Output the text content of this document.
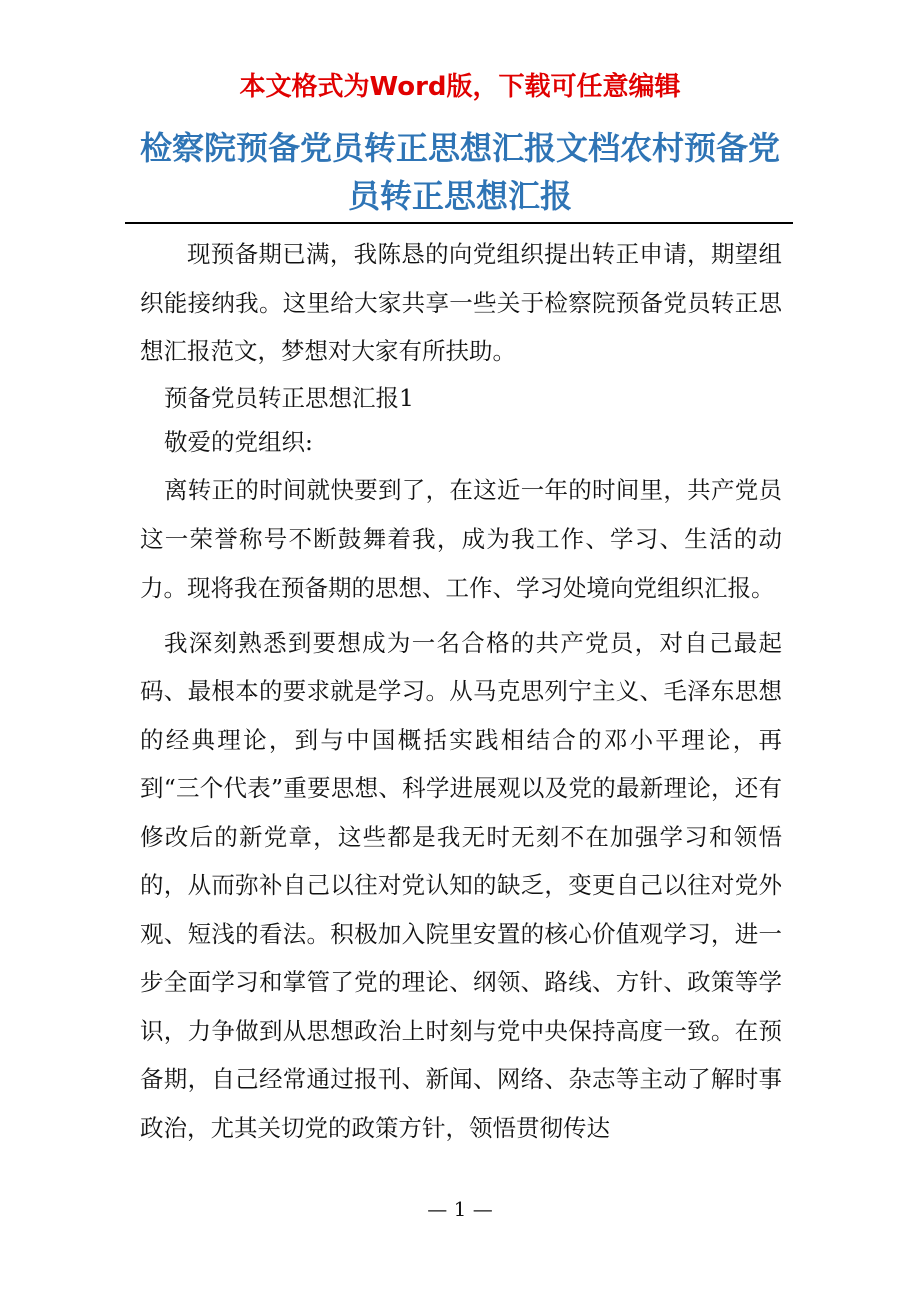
本文格式为Word版，下载可任意编辑
检察院预备党员转正思想汇报文档农村预备党员转正思想汇报

现预备期已满，我陈恳的向党组织提出转正申请，期望组织能接纳我。这里给大家共享一些关于检察院预备党员转正思想汇报范文，梦想对大家有所扶助。

预备党员转正思想汇报1

敬爱的党组织:

离转正的时间就快要到了，在这近一年的时间里，共产党员这一荣誉称号不断鼓舞着我，成为我工作、学习、生活的动力。现将我在预备期的思想、工作、学习处境向党组织汇报。

我深刻熟悉到要想成为一名合格的共产党员，对自己最起码、最根本的要求就是学习。从马克思列宁主义、毛泽东思想的经典理论，到与中国概括实践相结合的邓小平理论，再到“三个代表”重要思想、科学进展观以及党的最新理论，还有修改后的新党章，这些都是我无时无刻不在加强学习和领悟的，从而弥补自己以往对党认知的缺乏，变更自己以往对党外观、短浅的看法。积极加入院里安置的核心价值观学习，进一步全面学习和掌管了党的理论、纲领、路线、方针、政策等学识，力争做到从思想政治上时刻与党中央保持高度一致。在预备期，自己经常通过报刊、新闻、网络、杂志等主动了解时事政治，尤其关切党的政策方针，领悟贯彻传达

— 1 —
